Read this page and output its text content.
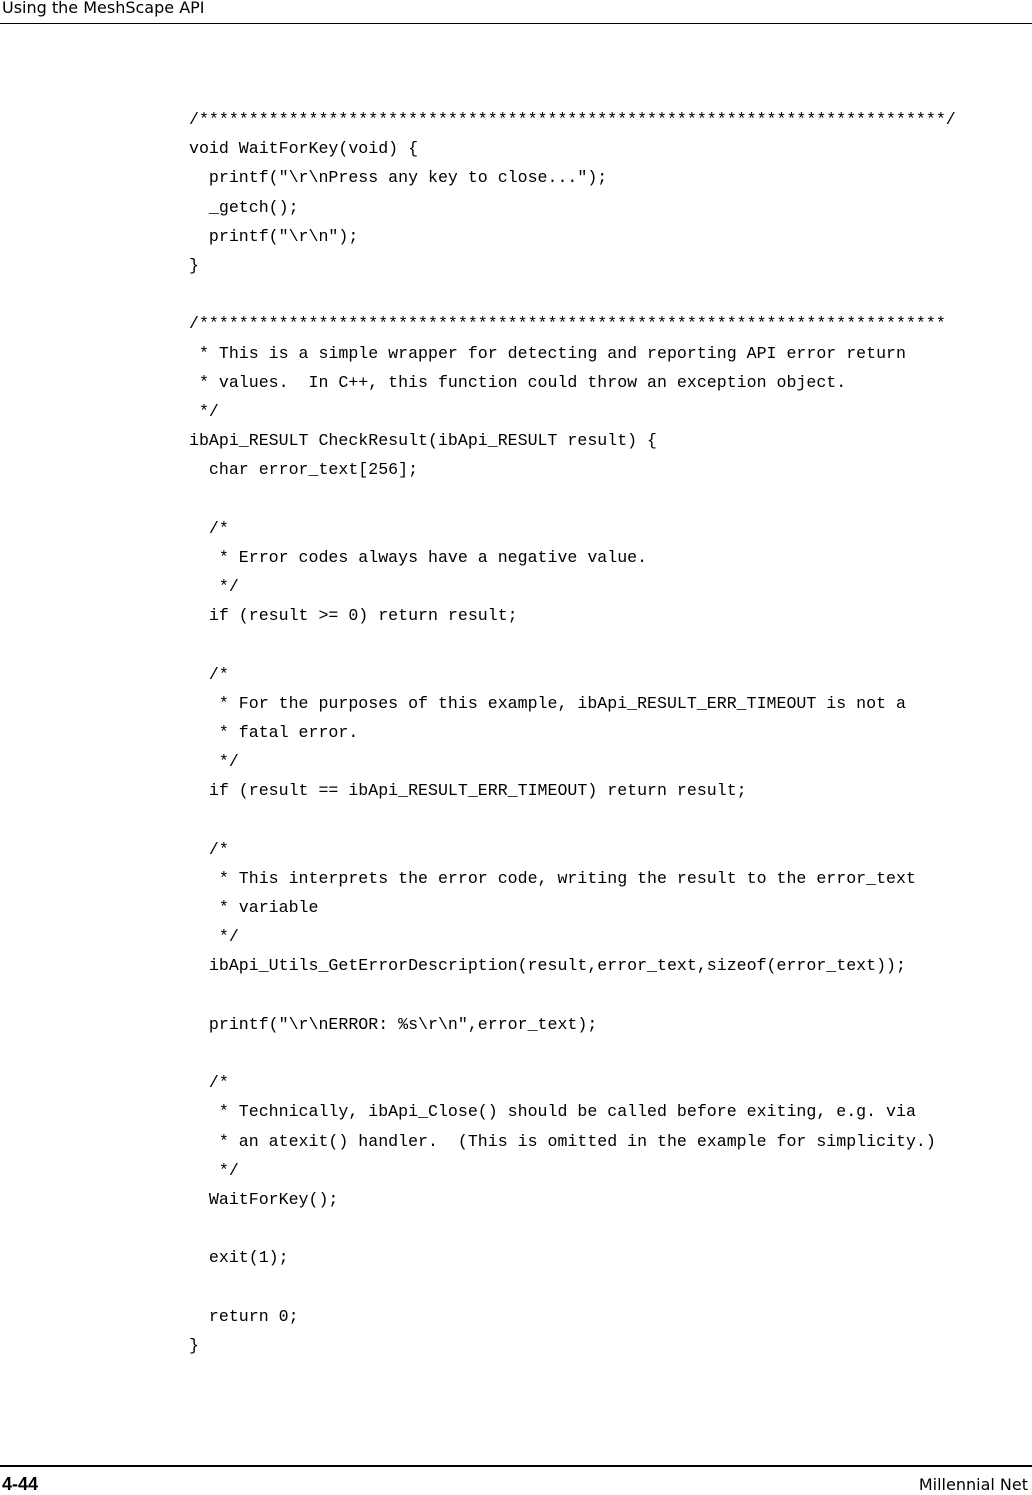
Using the MeshScape API
/***************************************************************************/
void WaitForKey(void) {
printf("\r\nPress any key to close...");
_getch();
printf("\r\n");
}
/***************************************************************************
* This is a simple wrapper for detecting and reporting API error return
* values.  In C++, this function could throw an exception object.
*/
ibApi_RESULT CheckResult(ibApi_RESULT result) {
char error_text[256];
/*
* Error codes always have a negative value.
*/
if (result >= 0) return result;
/*
* For the purposes of this example, ibApi_RESULT_ERR_TIMEOUT is not a
* fatal error.
*/
if (result == ibApi_RESULT_ERR_TIMEOUT) return result;
/*
* This interprets the error code, writing the result to the error_text
* variable
*/
ibApi_Utils_GetErrorDescription(result,error_text,sizeof(error_text));
printf("\r\nERROR: %s\r\n",error_text);
/*
* Technically, ibApi_Close() should be called before exiting, e.g. via
* an atexit() handler.  (This is omitted in the example for simplicity.)
*/
WaitForKey();
exit(1);
return 0;
}
4-44	Millennial Net
